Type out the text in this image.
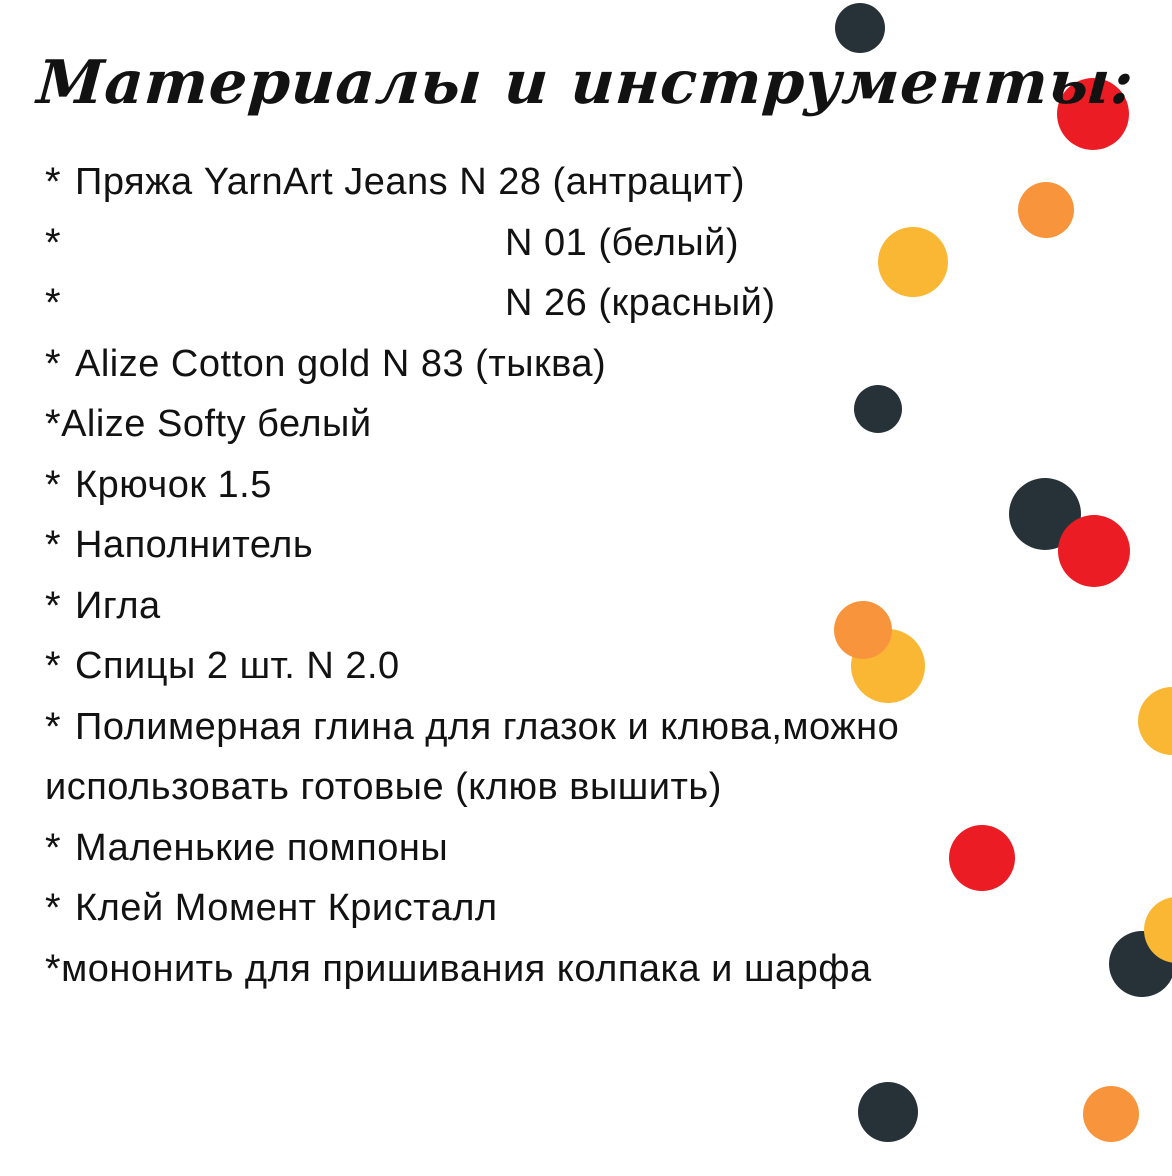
Материалы и инструменты:
* Пряжа YarnArt Jeans N 28 (антрацит)
*	N 01 (белый)
*	N 26 (красный)
* Alize Cotton gold N 83 (тыква)
* Alize Softy белый
* Крючок 1.5
* Наполнитель
* Игла
* Спицы 2 шт. N 2.0
* Полимерная глина для глазок и клюва,можно
использовать готовые (клюв вышить)
* Маленькие помпоны
* Клей Момент Кристалл
* мононить для пришивания колпака и шарфа
